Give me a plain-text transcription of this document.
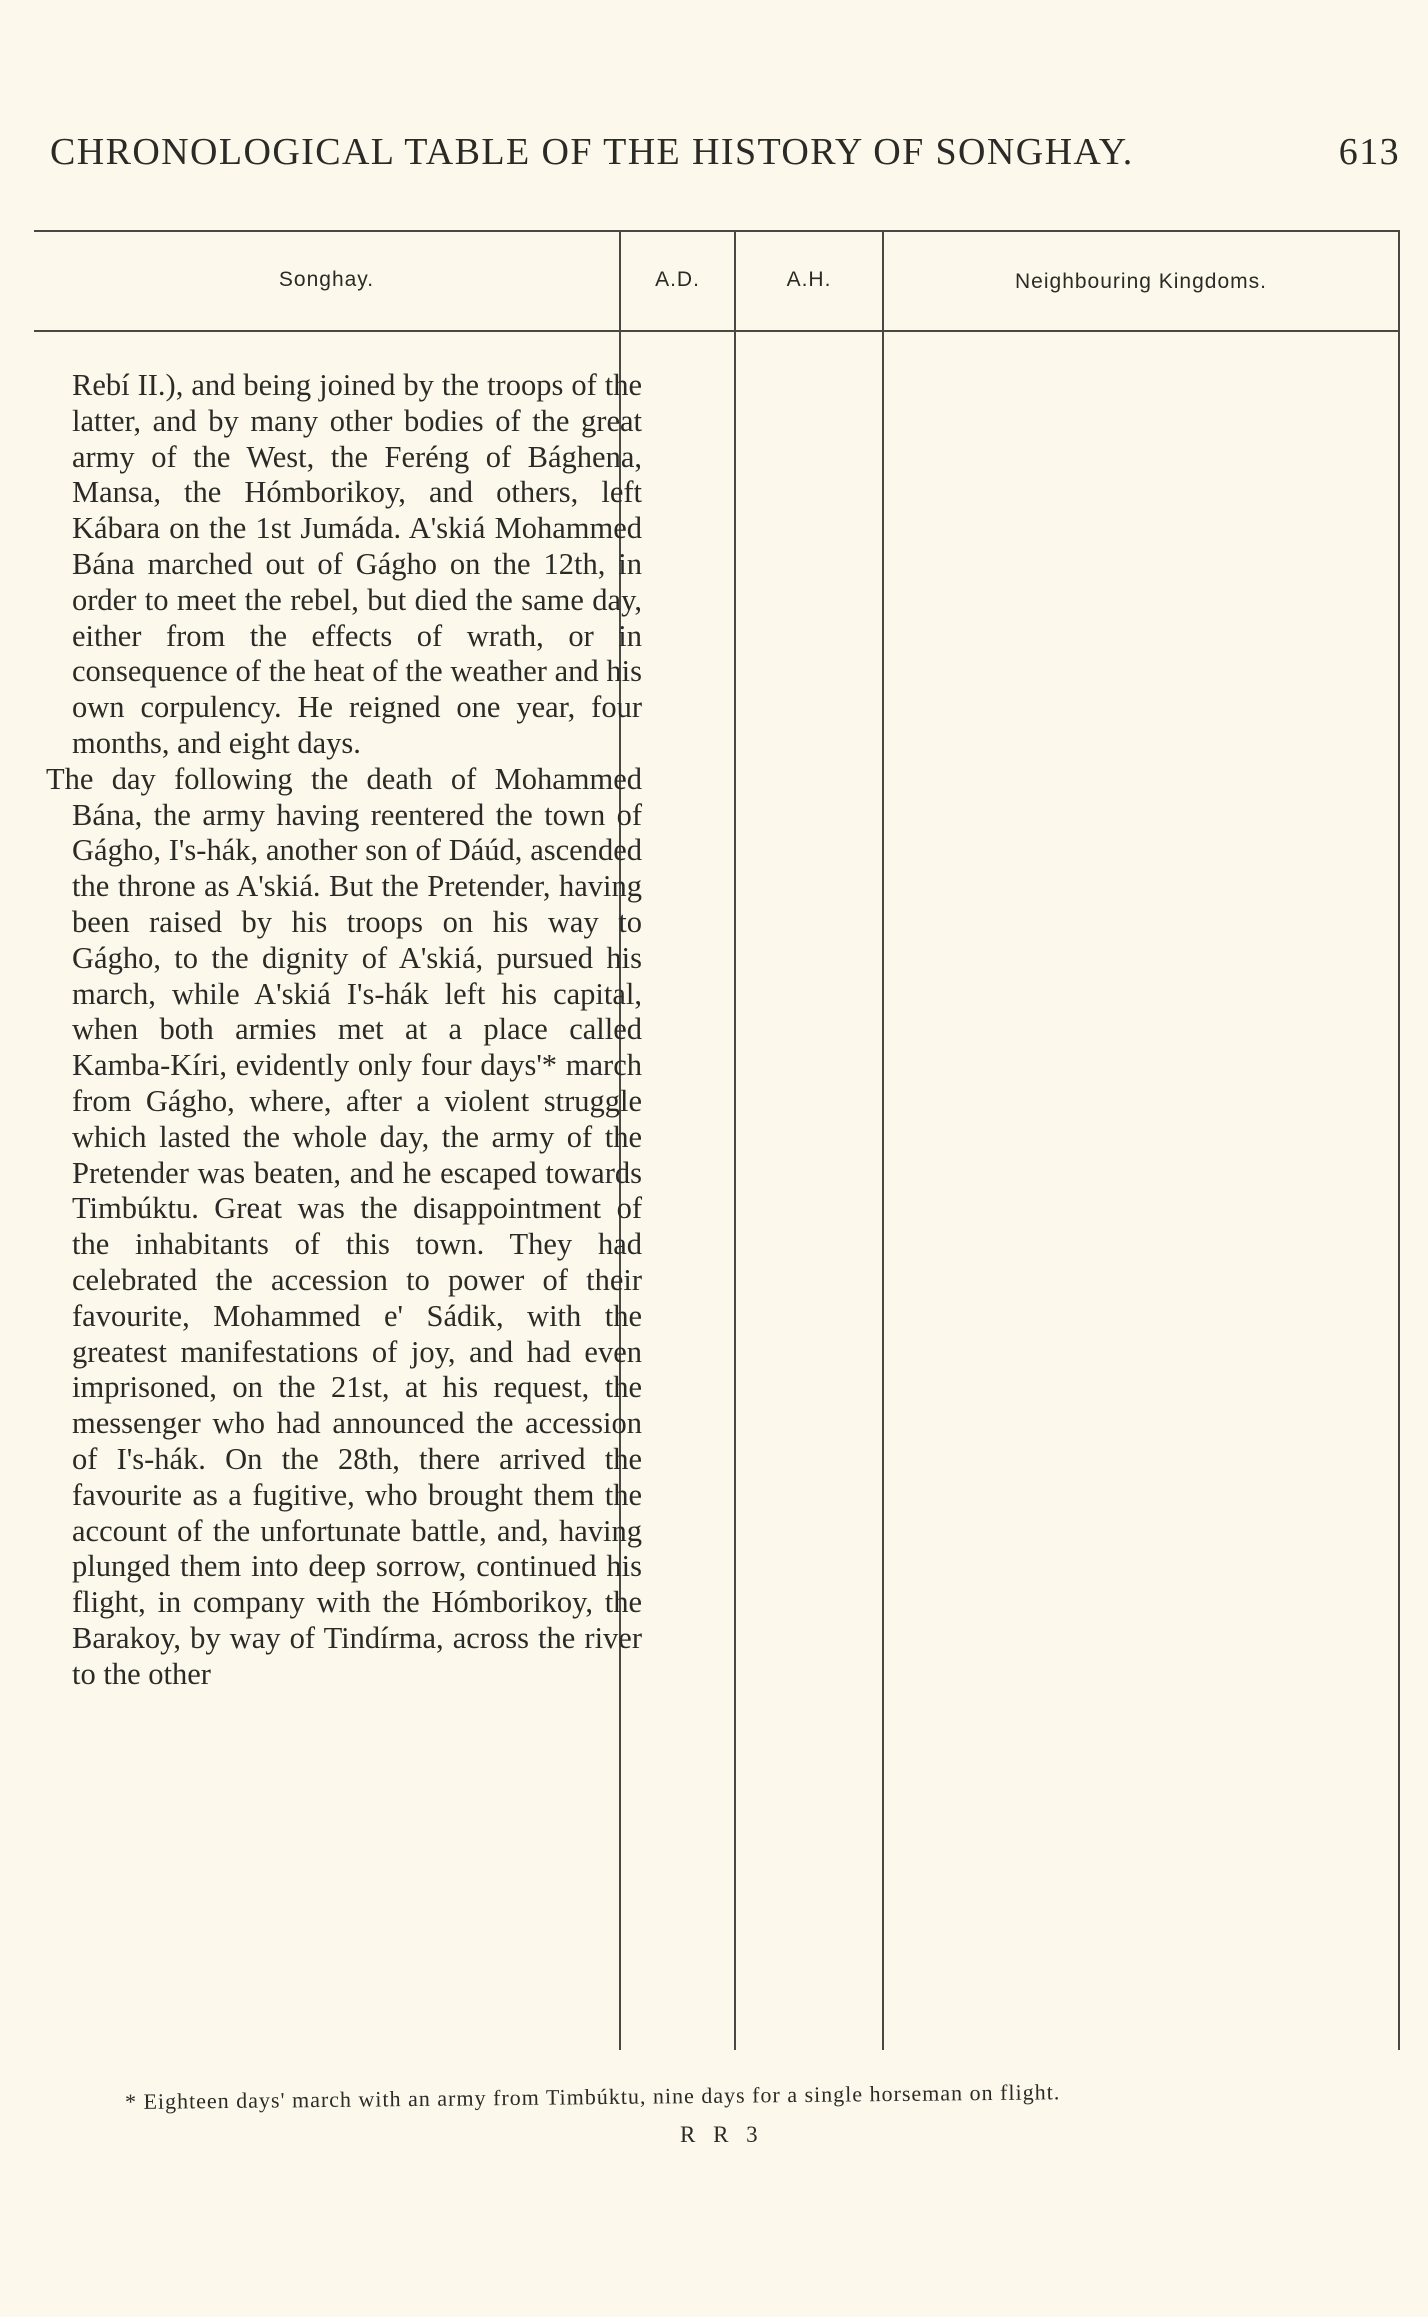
CHRONOLOGICAL TABLE OF THE HISTORY OF SONGHAY.	613
Songhay.	A.D.	A.H.	Neighbouring Kingdoms.

Rebí II.), and being joined by the troops of the latter, and by many other bodies of the great army of the West, the Feréng of Bághena, Mansa, the Hómborikoy, and others, left Kábara on the 1st Jumáda. A'skiá Mohammed Bána marched out of Gágho on the 12th, in order to meet the rebel, but died the same day, either from the effects of wrath, or in consequence of the heat of the weather and his own corpulency. He reigned one year, four months, and eight days.

The day following the death of Mohammed Bána, the army having reentered the town of Gágho, I's-hák, another son of Dáúd, ascended the throne as A'skiá. But the Pretender, having been raised by his troops on his way to Gágho, to the dignity of A'skiá, pursued his march, while A'skiá I's-hák left his capital, when both armies met at a place called Kamba-Kíri, evidently only four days'* march from Gágho, where, after a violent struggle which lasted the whole day, the army of the Pretender was beaten, and he escaped towards Timbúktu. Great was the disappointment of the inhabitants of this town. They had celebrated the accession to power of their favourite, Mohammed e' Sádik, with the greatest manifestations of joy, and had even imprisoned, on the 21st, at his request, the messenger who had announced the accession of I's-hák. On the 28th, there arrived the favourite as a fugitive, who brought them the account of the unfortunate battle, and, having plunged them into deep sorrow, continued his flight, in company with the Hómborikoy, the Barakoy, by way of Tindírma, across the river to the other

* Eighteen days' march with an army from Timbúktu, nine days for a single horseman on flight.
R R 3
